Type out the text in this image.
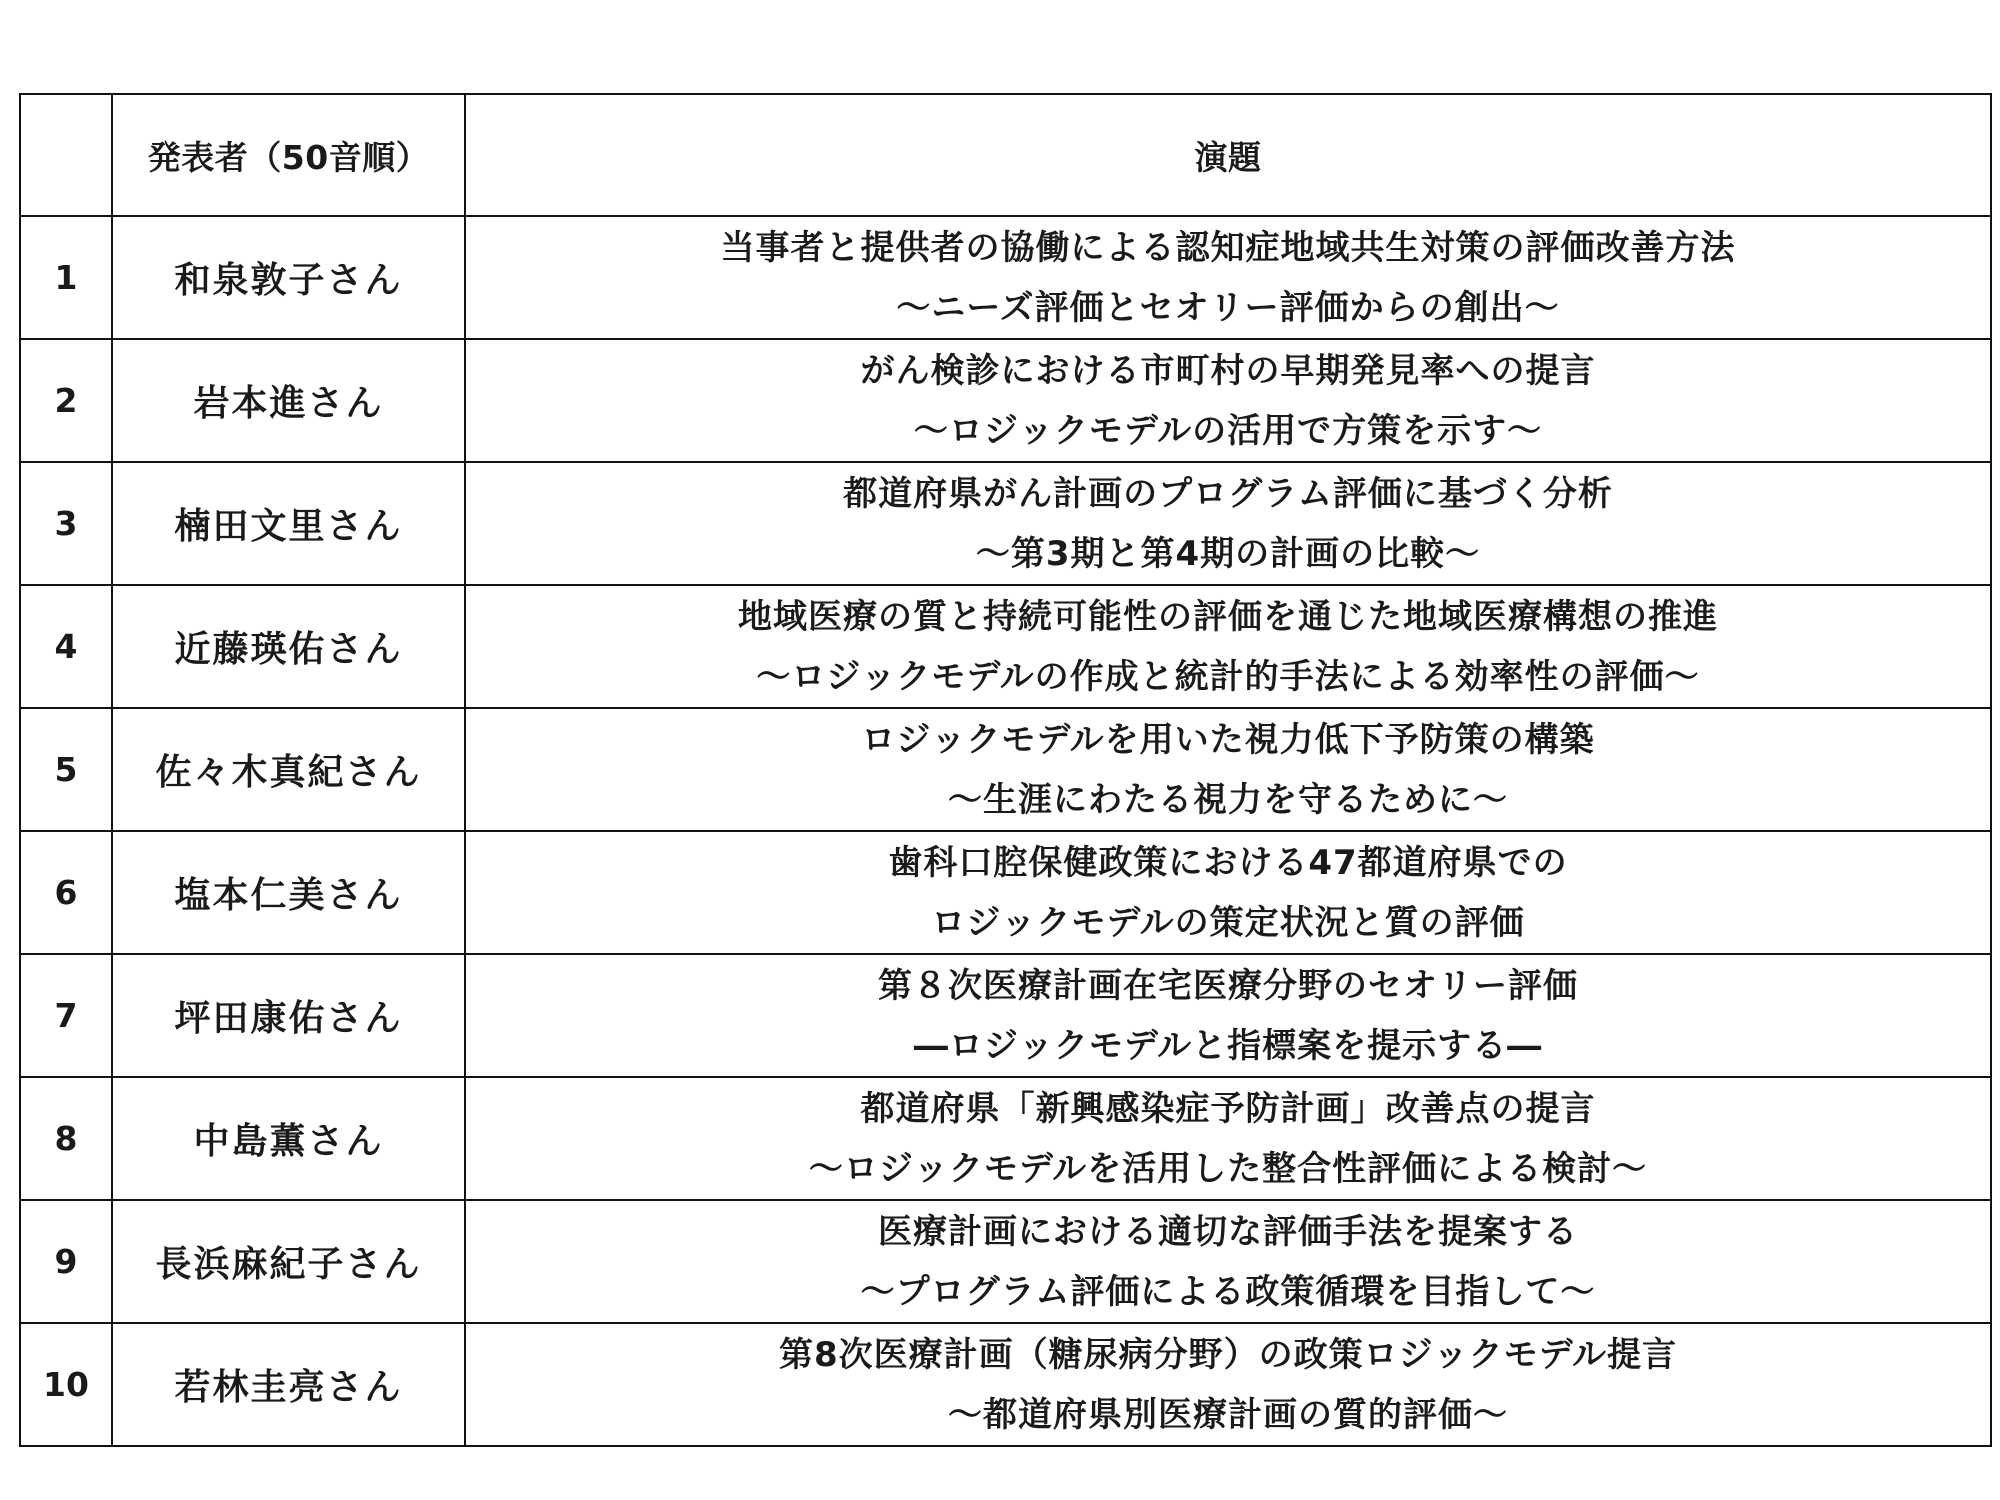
	発表者（50音順）	演題
1	和泉敦子さん	当事者と提供者の協働による認知症地域共生対策の評価改善方法
～ニーズ評価とセオリー評価からの創出～

2	岩本進さん	がん検診における市町村の早期発見率への提言
～ロジックモデルの活用で方策を示す～

3	楠田文里さん	都道府県がん計画のプログラム評価に基づく分析
～第3期と第4期の計画の比較～

4	近藤瑛佑さん	地域医療の質と持続可能性の評価を通じた地域医療構想の推進
～ロジックモデルの作成と統計的手法による効率性の評価～

5	佐々木真紀さん	ロジックモデルを用いた視力低下予防策の構築
～生涯にわたる視力を守るために～

6	塩本仁美さん	歯科口腔保健政策における47都道府県での
ロジックモデルの策定状況と質の評価

7	坪田康佑さん	第８次医療計画在宅医療分野のセオリー評価
―ロジックモデルと指標案を提示する―

8	中島薫さん	都道府県「新興感染症予防計画」改善点の提言
～ロジックモデルを活用した整合性評価による検討～

9	長浜麻紀子さん	医療計画における適切な評価手法を提案する
～プログラム評価による政策循環を目指して～

10	若林圭亮さん	第8次医療計画（糖尿病分野）の政策ロジックモデル提言
～都道府県別医療計画の質的評価～
